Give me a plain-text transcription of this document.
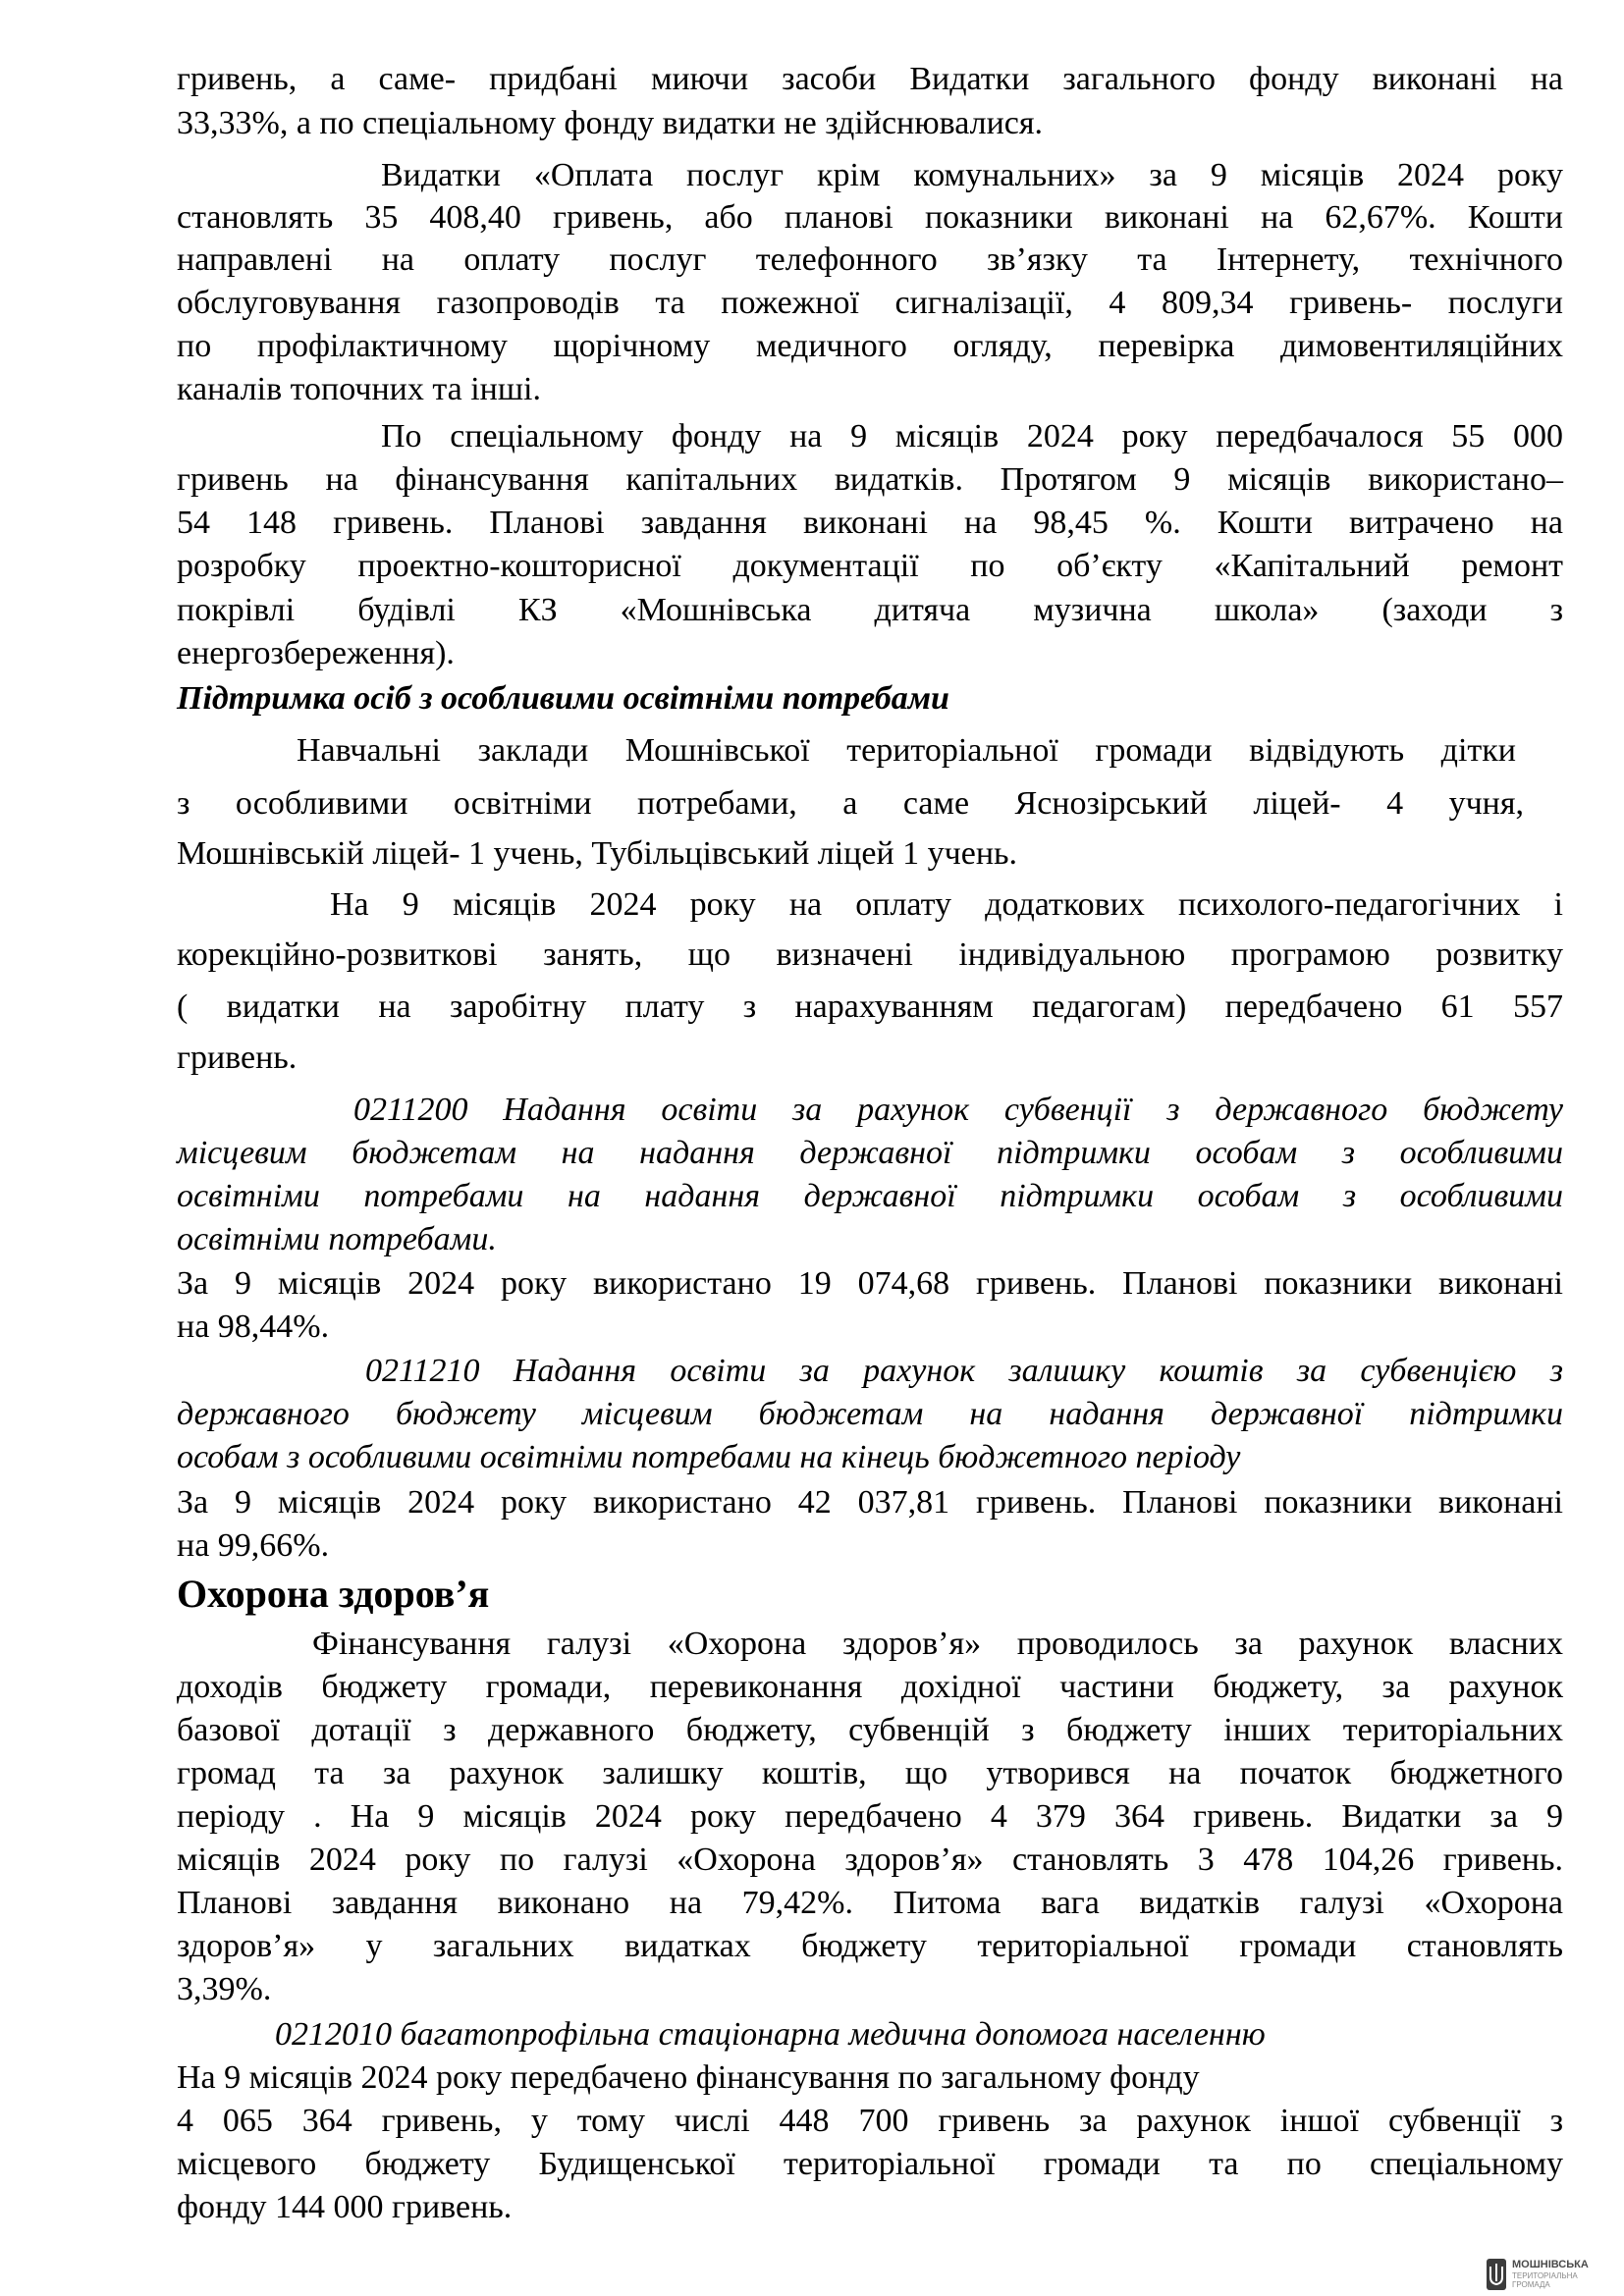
гривень, а саме- придбані миючи засоби Видатки загального фонду виконані на
33,33%, а по спеціальному фонду видатки не здійснювалися.
Видатки «Оплата послуг крім комунальних» за 9 місяців 2024 року
становлять 35 408,40 гривень, або планові показники виконані на 62,67%. Кошти
направлені на оплату послуг телефонного зв’язку та Інтернету, технічного
обслуговування газопроводів та пожежної сигналізації, 4 809,34 гривень- послуги
по профілактичному щорічному медичного огляду, перевірка димовентиляційних
каналів топочних та інші.
По спеціальному фонду на 9 місяців 2024 року передбачалося 55 000
гривень на фінансування капітальних видатків. Протягом 9 місяців використано–
54 148 гривень. Планові завдання виконані на 98,45 %. Кошти витрачено на
розробку проектно-кошторисної документації по об’єкту «Капітальний ремонт
покрівлі будівлі КЗ «Мошнівська дитяча музична школа» (заходи з
енергозбереження).
Підтримка осіб з особливими освітніми потребами
Навчальні заклади Мошнівської територіальної громади відвідують дітки
з особливими освітніми потребами, а саме Яснозірський ліцей- 4 учня,
Мошнівській ліцей- 1 учень, Тубільцівський ліцей 1 учень.
На 9 місяців 2024 року на оплату додаткових психолого-педагогічних і
корекційно-розвиткові занять, що визначені індивідуальною програмою розвитку
( видатки на заробітну плату з нарахуванням педагогам) передбачено 61 557
гривень.
0211200 Надання освіти за рахунок субвенції з державного бюджету
місцевим бюджетам на надання державної підтримки особам з особливими
освітніми потребами на надання державної підтримки особам з особливими
освітніми потребами.
За 9 місяців 2024 року використано 19 074,68 гривень. Планові показники виконані
на 98,44%.
0211210 Надання освіти за рахунок залишку коштів за субвенцією з
державного бюджету місцевим бюджетам на надання державної підтримки
особам з особливими освітніми потребами на кінець бюджетного періоду
За 9 місяців 2024 року використано 42 037,81 гривень. Планові показники виконані
на 99,66%.
Охорона здоров’я
Фінансування галузі «Охорона здоров’я» проводилось за рахунок власних
доходів бюджету громади, перевиконання дохідної частини бюджету, за рахунок
базової дотації з державного бюджету, субвенцій з бюджету інших територіальних
громад та за рахунок залишку коштів, що утворився на початок бюджетного
періоду . На 9 місяців 2024 року передбачено 4 379 364 гривень. Видатки за 9
місяців 2024 року по галузі «Охорона здоров’я» становлять 3 478 104,26 гривень.
Планові завдання виконано на 79,42%. Питома вага видатків галузі «Охорона
здоров’я» у загальних видатках бюджету територіальної громади становлять
3,39%.
0212010 багатопрофільна стаціонарна медична допомога населенню
На 9 місяців 2024 року передбачено фінансування по загальному фонду
4 065 364 гривень, у тому числі 448 700 гривень за рахунок іншої субвенції з
місцевого бюджету Будищенської територіальної громади та по спеціальному
фонду 144 000 гривень.
МОШНІВСЬКА
ТЕРИТОРІАЛЬНА
ГРОМАДА
